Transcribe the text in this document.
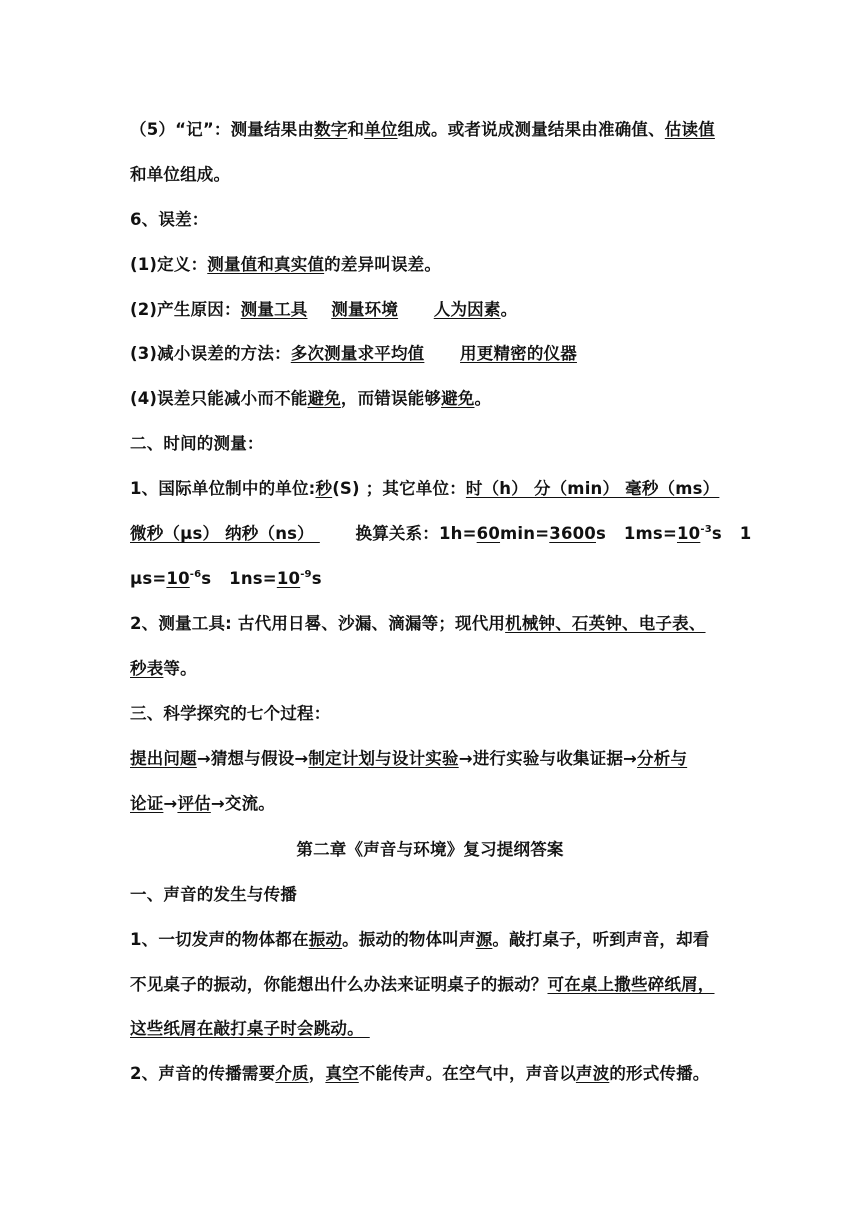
（5）“记”：测量结果由数字和单位组成。或者说成测量结果由准确值、估读值
和单位组成。
6、误差：
(1)定义：测量值和真实值的差异叫误差。
(2)产生原因：测量工具 测量环境 人为因素。
(3)减小误差的方法：多次测量求平均值 用更精密的仪器
(4)误差只能减小而不能避免，而错误能够避免。
二、时间的测量：
1、国际单位制中的单位:秒(S) ；其它单位：时（h） 分（min） 毫秒（ms）
微秒（μs） 纳秒（ns）       换算关系：1h=60min=3600s   $1ms=10^{-3}s$   1
$\mu s=10^{-6}s$   $1ns=10^{-9}s$
2、测量工具: 古代用日晷、沙漏、滴漏等；现代用机械钟、石英钟、电子表、
秒表等。
三、科学探究的七个过程：
提出问题→猜想与假设→制定计划与设计实验→进行实验与收集证据→分析与
论证→评估→交流。
第二章《声音与环境》复习提纲答案
一、声音的发生与传播
1、一切发声的物体都在振动。振动的物体叫声源。敲打桌子，听到声音，却看
不见桌子的振动，你能想出什么办法来证明桌子的振动？可在桌上撒些碎纸屑，
这些纸屑在敲打桌子时会跳动。
2、声音的传播需要介质，真空不能传声。在空气中，声音以声波的形式传播。
